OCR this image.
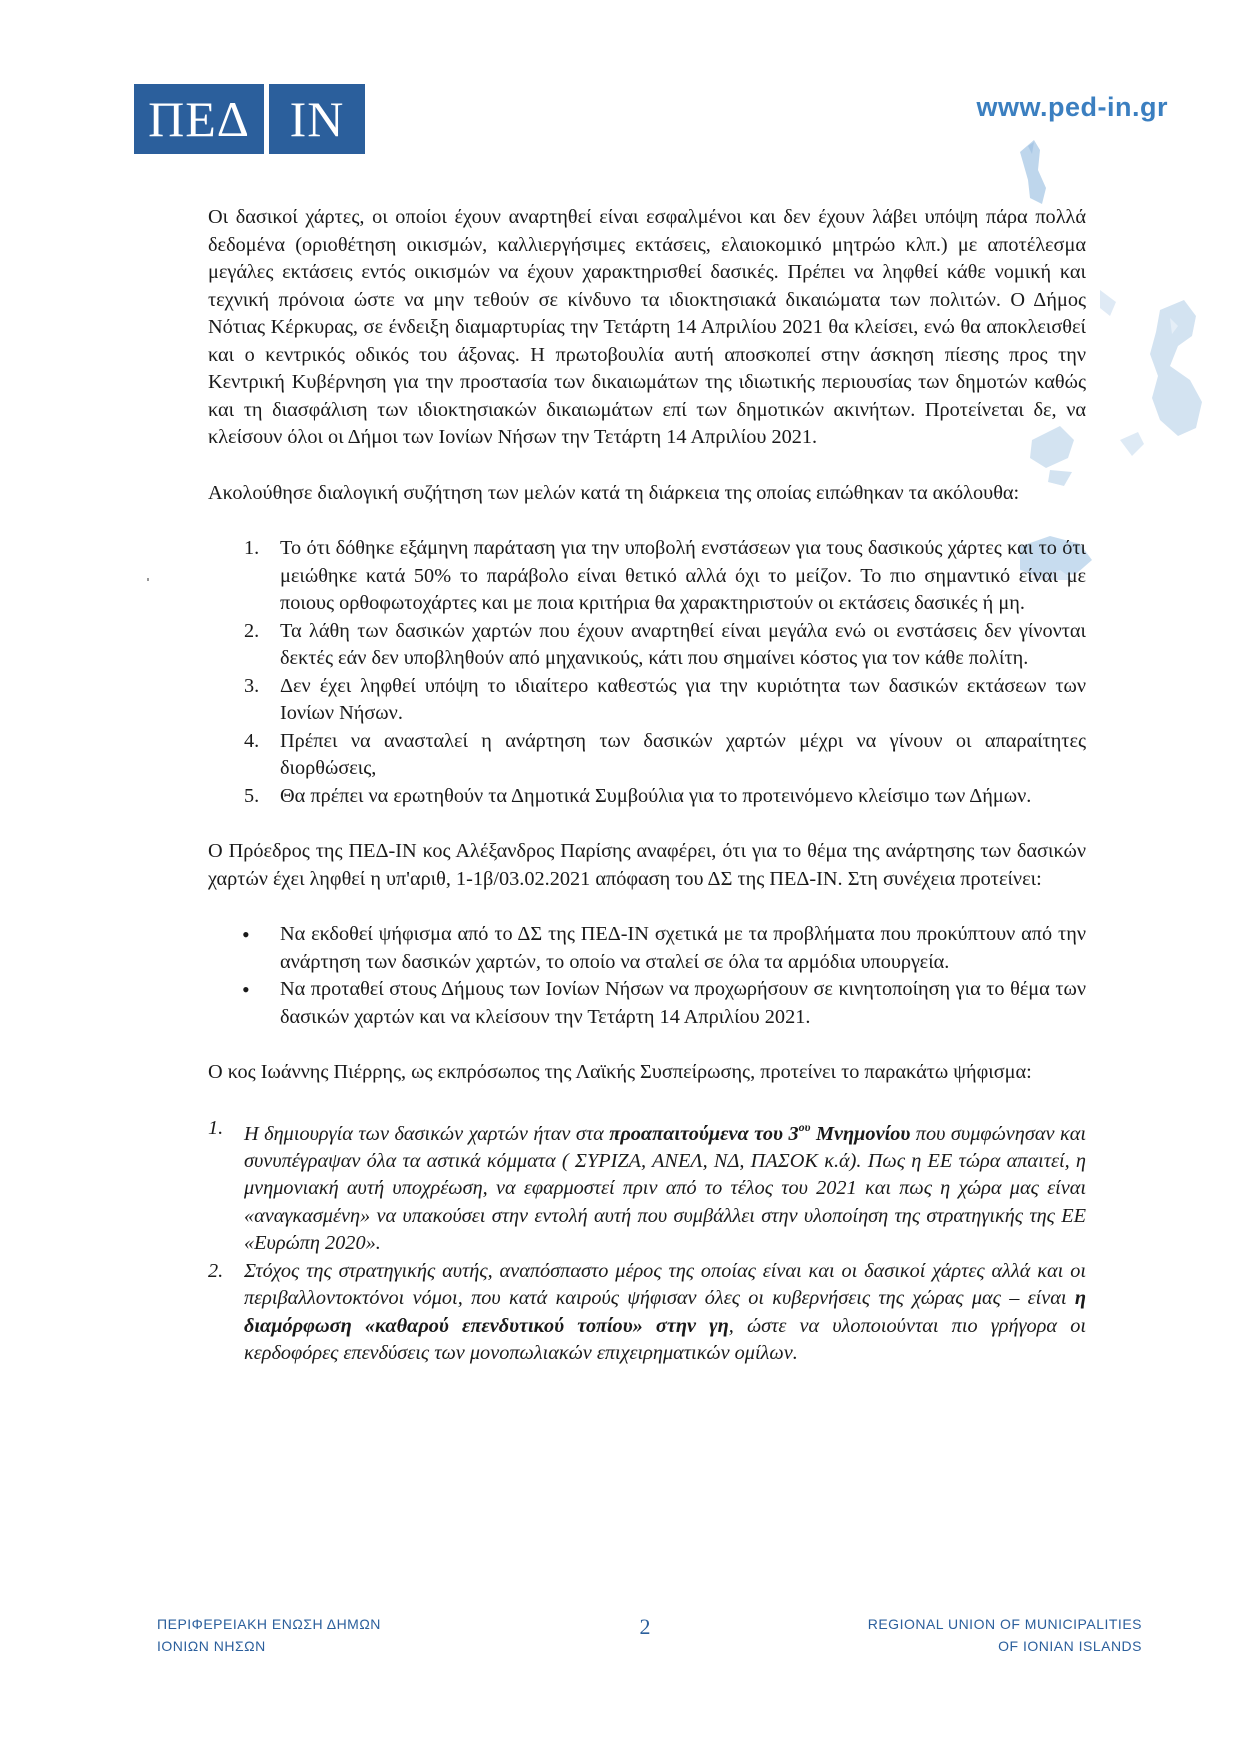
ΠΕΔ IN	www.ped-in.gr

Οι δασικοί χάρτες, οι οποίοι έχουν αναρτηθεί είναι εσφαλμένοι και δεν έχουν λάβει υπόψη πάρα πολλά δεδομένα (οριοθέτηση οικισμών, καλλιεργήσιμες εκτάσεις, ελαιοκομικό μητρώο κλπ.) με αποτέλεσμα μεγάλες εκτάσεις εντός οικισμών να έχουν χαρακτηρισθεί δασικές. Πρέπει να ληφθεί κάθε νομική και τεχνική πρόνοια ώστε να μην τεθούν σε κίνδυνο τα ιδιοκτησιακά δικαιώματα των πολιτών. Ο Δήμος Νότιας Κέρκυρας, σε ένδειξη διαμαρτυρίας την Τετάρτη 14 Απριλίου 2021 θα κλείσει, ενώ θα αποκλεισθεί και ο κεντρικός οδικός του άξονας. Η πρωτοβουλία αυτή αποσκοπεί στην άσκηση πίεσης προς την Κεντρική Κυβέρνηση για την προστασία των δικαιωμάτων της ιδιωτικής περιουσίας των δημοτών καθώς και τη διασφάλιση των ιδιοκτησιακών δικαιωμάτων επί των δημοτικών ακινήτων. Προτείνεται δε, να κλείσουν όλοι οι Δήμοι των Ιονίων Νήσων την Τετάρτη 14 Απριλίου 2021.

Ακολούθησε διαλογική συζήτηση των μελών κατά τη διάρκεια της οποίας ειπώθηκαν τα ακόλουθα:

1. Το ότι δόθηκε εξάμηνη παράταση για την υποβολή ενστάσεων για τους δασικούς χάρτες και το ότι μειώθηκε κατά 50% το παράβολο είναι θετικό αλλά όχι το μείζον. Το πιο σημαντικό είναι με ποιους ορθοφωτοχάρτες και με ποια κριτήρια θα χαρακτηριστούν οι εκτάσεις δασικές ή μη.
2. Τα λάθη των δασικών χαρτών που έχουν αναρτηθεί είναι μεγάλα ενώ οι ενστάσεις δεν γίνονται δεκτές εάν δεν υποβληθούν από μηχανικούς, κάτι που σημαίνει κόστος για τον κάθε πολίτη.
3. Δεν έχει ληφθεί υπόψη το ιδιαίτερο καθεστώς για την κυριότητα των δασικών εκτάσεων των Ιονίων Νήσων.
4. Πρέπει να ανασταλεί η ανάρτηση των δασικών χαρτών μέχρι να γίνουν οι απαραίτητες διορθώσεις,
5. Θα πρέπει να ερωτηθούν τα Δημοτικά Συμβούλια για το προτεινόμενο κλείσιμο των Δήμων.

Ο Πρόεδρος της ΠΕΔ-ΙΝ κος Αλέξανδρος Παρίσης αναφέρει, ότι για το θέμα της ανάρτησης των δασικών χαρτών έχει ληφθεί η υπ'αριθ, 1-1β/03.02.2021 απόφαση του ΔΣ της ΠΕΔ-ΙΝ. Στη συνέχεια προτείνει:

• Να εκδοθεί ψήφισμα από το ΔΣ της ΠΕΔ-ΙΝ σχετικά με τα προβλήματα που προκύπτουν από την ανάρτηση των δασικών χαρτών, το οποίο να σταλεί σε όλα τα αρμόδια υπουργεία.
• Να προταθεί στους Δήμους των Ιονίων Νήσων να προχωρήσουν σε κινητοποίηση για το θέμα των δασικών χαρτών και να κλείσουν την Τετάρτη 14 Απριλίου 2021.

Ο κος Ιωάννης Πιέρρης, ως εκπρόσωπος της Λαϊκής Συσπείρωσης, προτείνει το παρακάτω ψήφισμα:

1. Η δημιουργία των δασικών χαρτών ήταν στα προαπαιτούμενα του $3^{o\upsilon}$ Μνημονίου που συμφώνησαν και συνυπέγραψαν όλα τα αστικά κόμματα ( ΣΥΡΙΖΑ, ΑΝΕΛ, ΝΔ, ΠΑΣΟΚ κ.ά). Πως η ΕΕ τώρα απαιτεί, η μνημονιακή αυτή υποχρέωση, να εφαρμοστεί πριν από το τέλος του 2021 και πως η χώρα μας είναι «αναγκασμένη» να υπακούσει στην εντολή αυτή που συμβάλλει στην υλοποίηση της στρατηγικής της ΕΕ «Ευρώπη 2020».
2. Στόχος της στρατηγικής αυτής, αναπόσπαστο μέρος της οποίας είναι και οι δασικοί χάρτες αλλά και οι περιβαλλοντοκτόνοι νόμοι, που κατά καιρούς ψήφισαν όλες οι κυβερνήσεις της χώρας μας – είναι η διαμόρφωση «καθαρού επενδυτικού τοπίου» στην γη, ώστε να υλοποιούνται πιο γρήγορα οι κερδοφόρες επενδύσεις των μονοπωλιακών επιχειρηματικών ομίλων.
ΠΕΡΙΦΕΡΕΙΑΚΗ ΕΝΩΣΗ ΔΗΜΩΝ
ΙΟΝΙΩΝ ΝΗΣΩΝ
2	REGIONAL UNION OF MUNICIPALITIES
OF IONIAN ISLANDS
